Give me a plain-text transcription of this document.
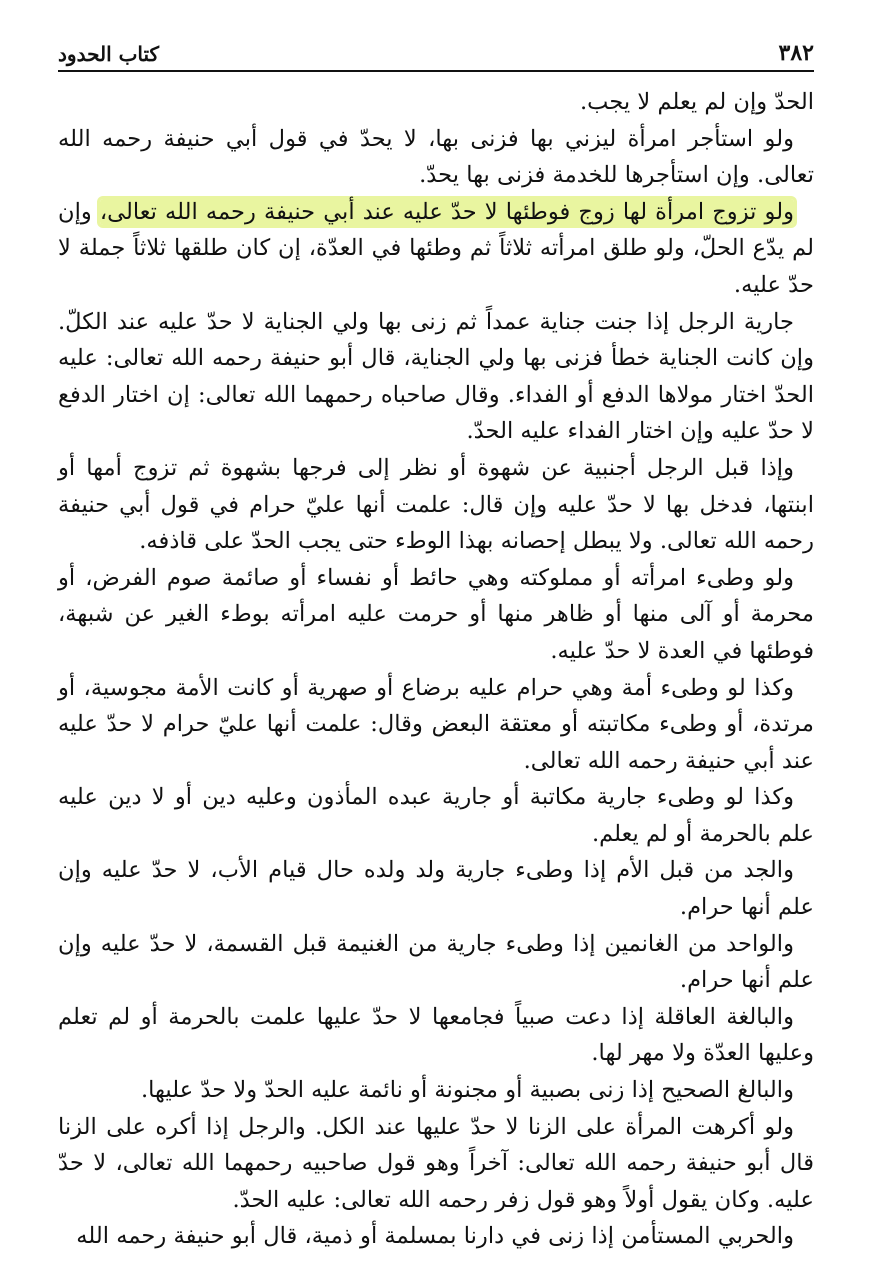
٣٨٢
كتاب الحدود

الحدّ وإن لم يعلم لا يجب.

ولو استأجر امرأة ليزني بها فزنى بها، لا يحدّ في قول أبي حنيفة رحمه الله تعالى. وإن استأجرها للخدمة فزنى بها يحدّ.

ولو تزوج امرأة لها زوج فوطئها لا حدّ عليه عند أبي حنيفة رحمه الله تعالى، وإن لم يدّع الحلّ، ولو طلق امرأته ثلاثاً ثم وطئها في العدّة، إن كان طلقها ثلاثاً جملة لا حدّ عليه.

جارية الرجل إذا جنت جناية عمداً ثم زنى بها ولي الجناية لا حدّ عليه عند الكلّ. وإن كانت الجناية خطأ فزنى بها ولي الجناية، قال أبو حنيفة رحمه الله تعالى: عليه الحدّ اختار مولاها الدفع أو الفداء. وقال صاحباه رحمهما الله تعالى: إن اختار الدفع لا حدّ عليه وإن اختار الفداء عليه الحدّ.

وإذا قبل الرجل أجنبية عن شهوة أو نظر إلى فرجها بشهوة ثم تزوج أمها أو ابنتها، فدخل بها لا حدّ عليه وإن قال: علمت أنها عليّ حرام في قول أبي حنيفة رحمه الله تعالى. ولا يبطل إحصانه بهذا الوطء حتى يجب الحدّ على قاذفه.

ولو وطىء امرأته أو مملوكته وهي حائط أو نفساء أو صائمة صوم الفرض، أو محرمة أو آلى منها أو ظاهر منها أو حرمت عليه امرأته بوطء الغير عن شبهة، فوطئها في العدة لا حدّ عليه.

وكذا لو وطىء أمة وهي حرام عليه برضاع أو صهرية أو كانت الأمة مجوسية، أو مرتدة، أو وطىء مكاتبته أو معتقة البعض وقال: علمت أنها عليّ حرام لا حدّ عليه عند أبي حنيفة رحمه الله تعالى.

وكذا لو وطىء جارية مكاتبة أو جارية عبده المأذون وعليه دين أو لا دين عليه علم بالحرمة أو لم يعلم.

والجد من قبل الأم إذا وطىء جارية ولد ولده حال قيام الأب، لا حدّ عليه وإن علم أنها حرام.

والواحد من الغانمين إذا وطىء جارية من الغنيمة قبل القسمة، لا حدّ عليه وإن علم أنها حرام.

والبالغة العاقلة إذا دعت صبياً فجامعها لا حدّ عليها علمت بالحرمة أو لم تعلم وعليها العدّة ولا مهر لها.

والبالغ الصحيح إذا زنى بصبية أو مجنونة أو نائمة عليه الحدّ ولا حدّ عليها.

ولو أكرهت المرأة على الزنا لا حدّ عليها عند الكل. والرجل إذا أكره على الزنا قال أبو حنيفة رحمه الله تعالى: آخراً وهو قول صاحبيه رحمهما الله تعالى، لا حدّ عليه. وكان يقول أولاً وهو قول زفر رحمه الله تعالى: عليه الحدّ.

والحربي المستأمن إذا زنى في دارنا بمسلمة أو ذمية، قال أبو حنيفة رحمه الله
